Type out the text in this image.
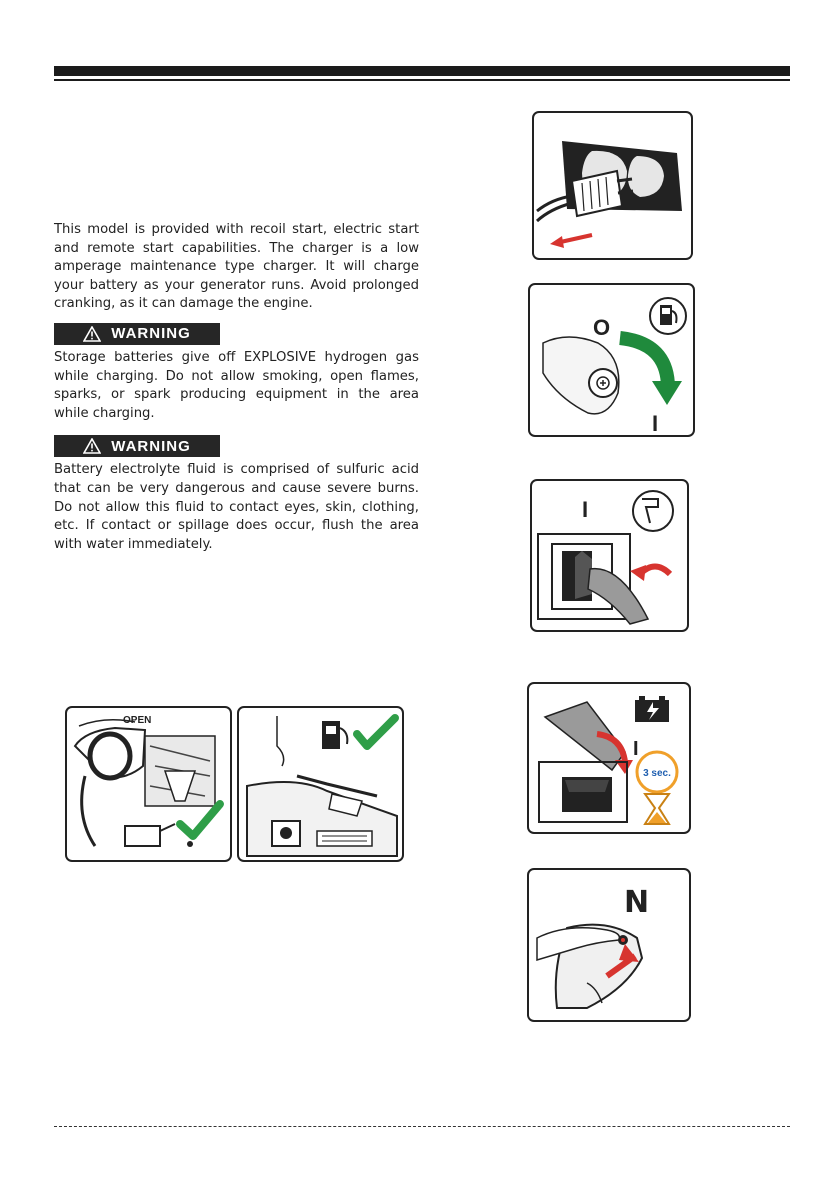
This model is provided with recoil start, electric start and remote start capabilities. The charger is a low amperage maintenance type charger. It will charge your battery as your generator runs. Avoid prolonged cranking, as it can damage the engine.

WARNING

Storage batteries give off EXPLOSIVE hydrogen gas while charging. Do not allow smoking, open flames, sparks, or spark producing equipment in the area while charging.

WARNING

Battery electrolyte fluid is comprised of sulfuric acid that can be very dangerous and cause severe burns. Do not allow this fluid to contact eyes, skin, clothing, etc. If contact or spillage does occur, flush the area with water immediately.

OPEN
O
I
I
I
3 sec.
N
